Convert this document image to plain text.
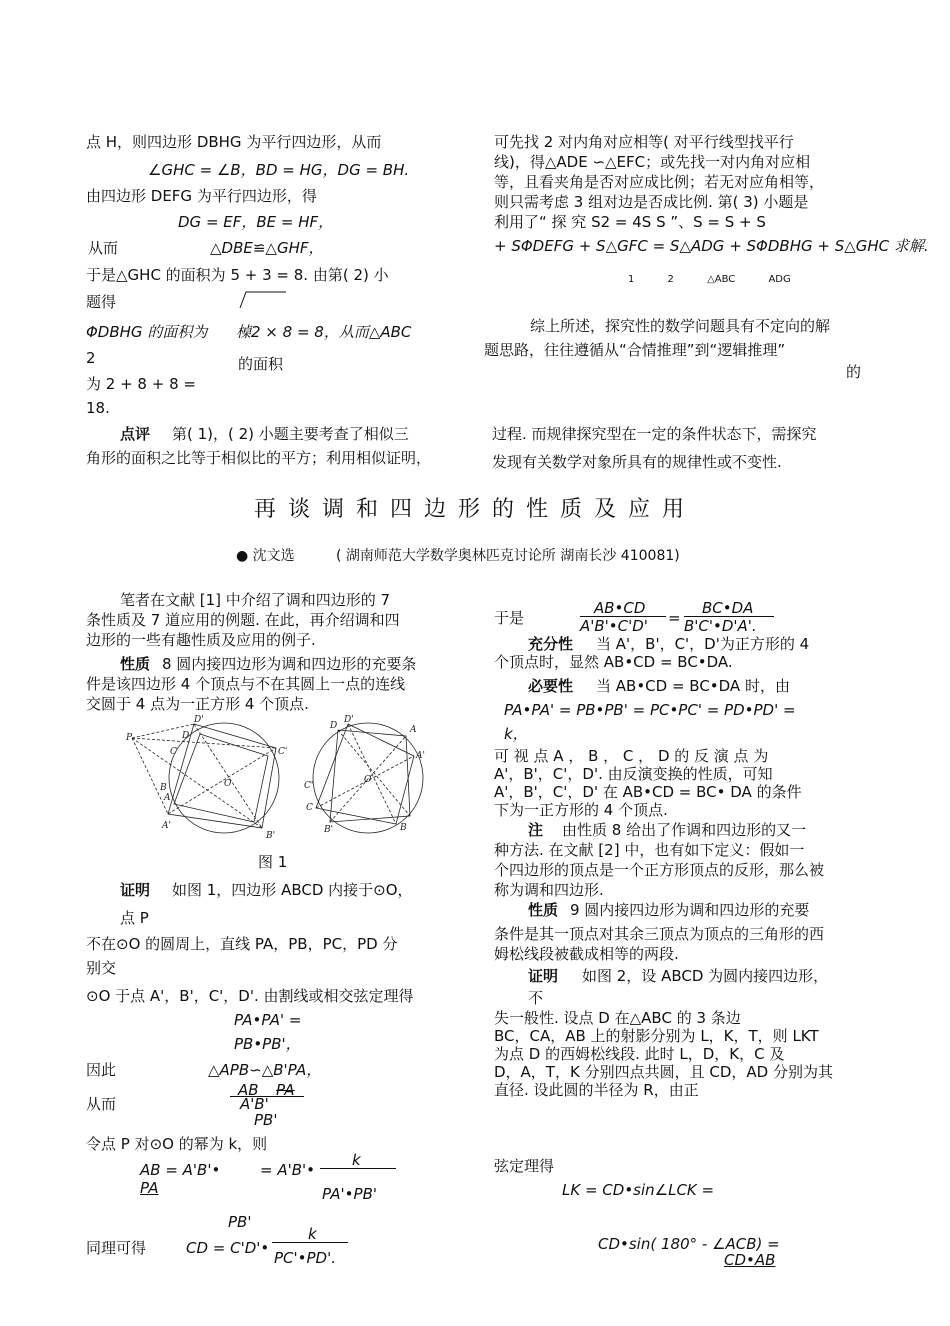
点 H，则四边形 DBHG 为平行四边形，从而
∠GHC = ∠B，BD = HG，DG = BH.
由四边形 DEFG 为平行四边形，得
DG = EF，BE = HF，
从而	△DBE≌△GHF，
于是△GHC 的面积为 5 + 3 = 8. 由第( 2) 小
题得
ΦDBHG 的面积为 槕2 × 8 = 8，从而△ABC
2	的面积
为 2 + 8 + 8 =
18.
可先找 2 对内角对应相等( 对平行线型找平行
线)，得△ADE ∽△EFC；或先找一对内角对应相
等，且看夹角是否对应成比例；若无对应角相等，
则只需考虑 3 组对边是否成比例. 第( 3) 小题是
利用了“ 探 究 S2 = 4S S ”、S = S + S
+ SΦDEFG + S△GFC = S△ADG + SΦDBHG + S△GHC 求解.
1 2 △ABC ADG
综上所述，探究性的数学问题具有不定向的解
题思路，往往遵循从“合情推理”到“逻辑推理”
的
点评 第( 1)，( 2) 小题主要考查了相似三
角形的面积之比等于相似比的平方；利用相似证明，
过程. 而规律探究型在一定的条件状态下，需探究
发现有关数学对象所具有的规律性或不变性.
再谈调和四边形的性质及应用
● 沈文选	( 湖南师范大学数学奥林匹克讨论所 湖南长沙 410081)
笔者在文献 [1] 中介绍了调和四边形的 7
条性质及 7 道应用的例题. 在此，再介绍调和四
边形的一些有趣性质及应用的例子.
性质 8 圆内接四边形为调和四边形的充要条
件是该四边形 4 个顶点与不在其圆上一点的连线
交圆于 4 点为一正方形 4 个顶点.
P
D'
D
C	C'
B'
B
A'
A
O
D'
A
D
A'
C'
O
C
B
B'
图 1
证明 如图 1，四边形 ABCD 内接于⊙O，
点 P
不在⊙O 的圆周上，直线 PA，PB，PC，PD 分
别交
⊙O 于点 A'，B'，C'，D'. 由割线或相交弦定理得
PA•PA' =
PB•PB'，
因此	△APB∽△B'PA，
从而
AB PA
A'B'
PB'
令点 P 对⊙O 的幂为 k，则
AB = A'B'•	= A'B'•
k
PA	PA'•PB'
PB'
同理可得	CD = C'D'•
k
PC'•PD'.
于是
AB•CD
A'B'•C'D' =
BC•DA
B'C'•D'A'.
充分性 当 A'，B'，C'，D'为正方形的 4
个顶点时，显然 AB•CD = BC•DA.
必要性 当 AB•CD = BC•DA 时，由
PA•PA' = PB•PB' = PC•PC' = PD•PD' =
k，
可 视 点 A ， B ， C ， D 的 反 演 点 为
A'，B'，C'，D'. 由反演变换的性质，可知
A'，B'，C'，D' 在 AB•CD = BC• DA 的条件
下为一正方形的 4 个顶点.
注 由性质 8 给出了作调和四边形的又一
种方法. 在文献 [2] 中，也有如下定义：假如一
个四边形的顶点是一个正方形顶点的反形，那么被
称为调和四边形.
性质 9 圆内接四边形为调和四边形的充要
条件是其一顶点对其余三顶点为顶点的三角形的西
姆松线段被截成相等的两段.
证明 如图 2，设 ABCD 为圆内接四边形，
不
失一般性. 设点 D 在△ABC 的 3 条边
BC，CA，AB 上的射影分别为 L，K，T，则 LKT
为点 D 的西姆松线段. 此时 L，D，K，C 及
D，A，T，K 分别四点共圆，且 CD，AD 分别为其
直径. 设此圆的半径为 R，由正
弦定理得
LK = CD•sin∠LCK =
CD•sin( 180° - ∠ACB) =
CD•AB
